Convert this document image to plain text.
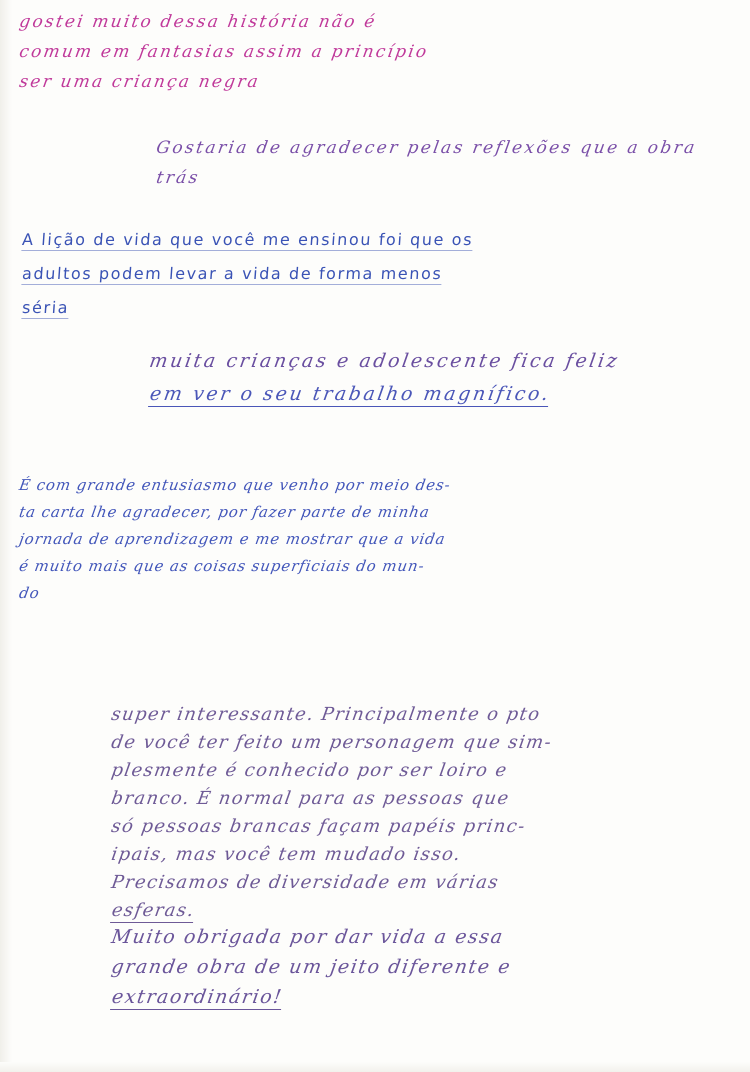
gostei muito dessa história não é
comum em fantasias assim a princípio
ser uma criança negra
Gostaria de agradecer pelas reflexões que a obra
trás
A lição de vida que você me ensinou foi que os
adultos podem levar a vida de forma menos
séria
muita crianças e adolescente fica feliz
em ver o seu trabalho magnífico.
É com grande entusiasmo que venho por meio des-
ta carta lhe agradecer, por fazer parte de minha
jornada de aprendizagem e me mostrar que a vida
é muito mais que as coisas superficiais do mun-
do
super interessante. Principalmente o pto
de você ter feito um personagem que sim-
plesmente é conhecido por ser loiro e
branco. É normal para as pessoas que
só pessoas brancas façam papéis princ-
ipais, mas você tem mudado isso.
Precisamos de diversidade em várias
esferas.
Muito obrigada por dar vida a essa
grande obra de um jeito diferente e
extraordinário!
